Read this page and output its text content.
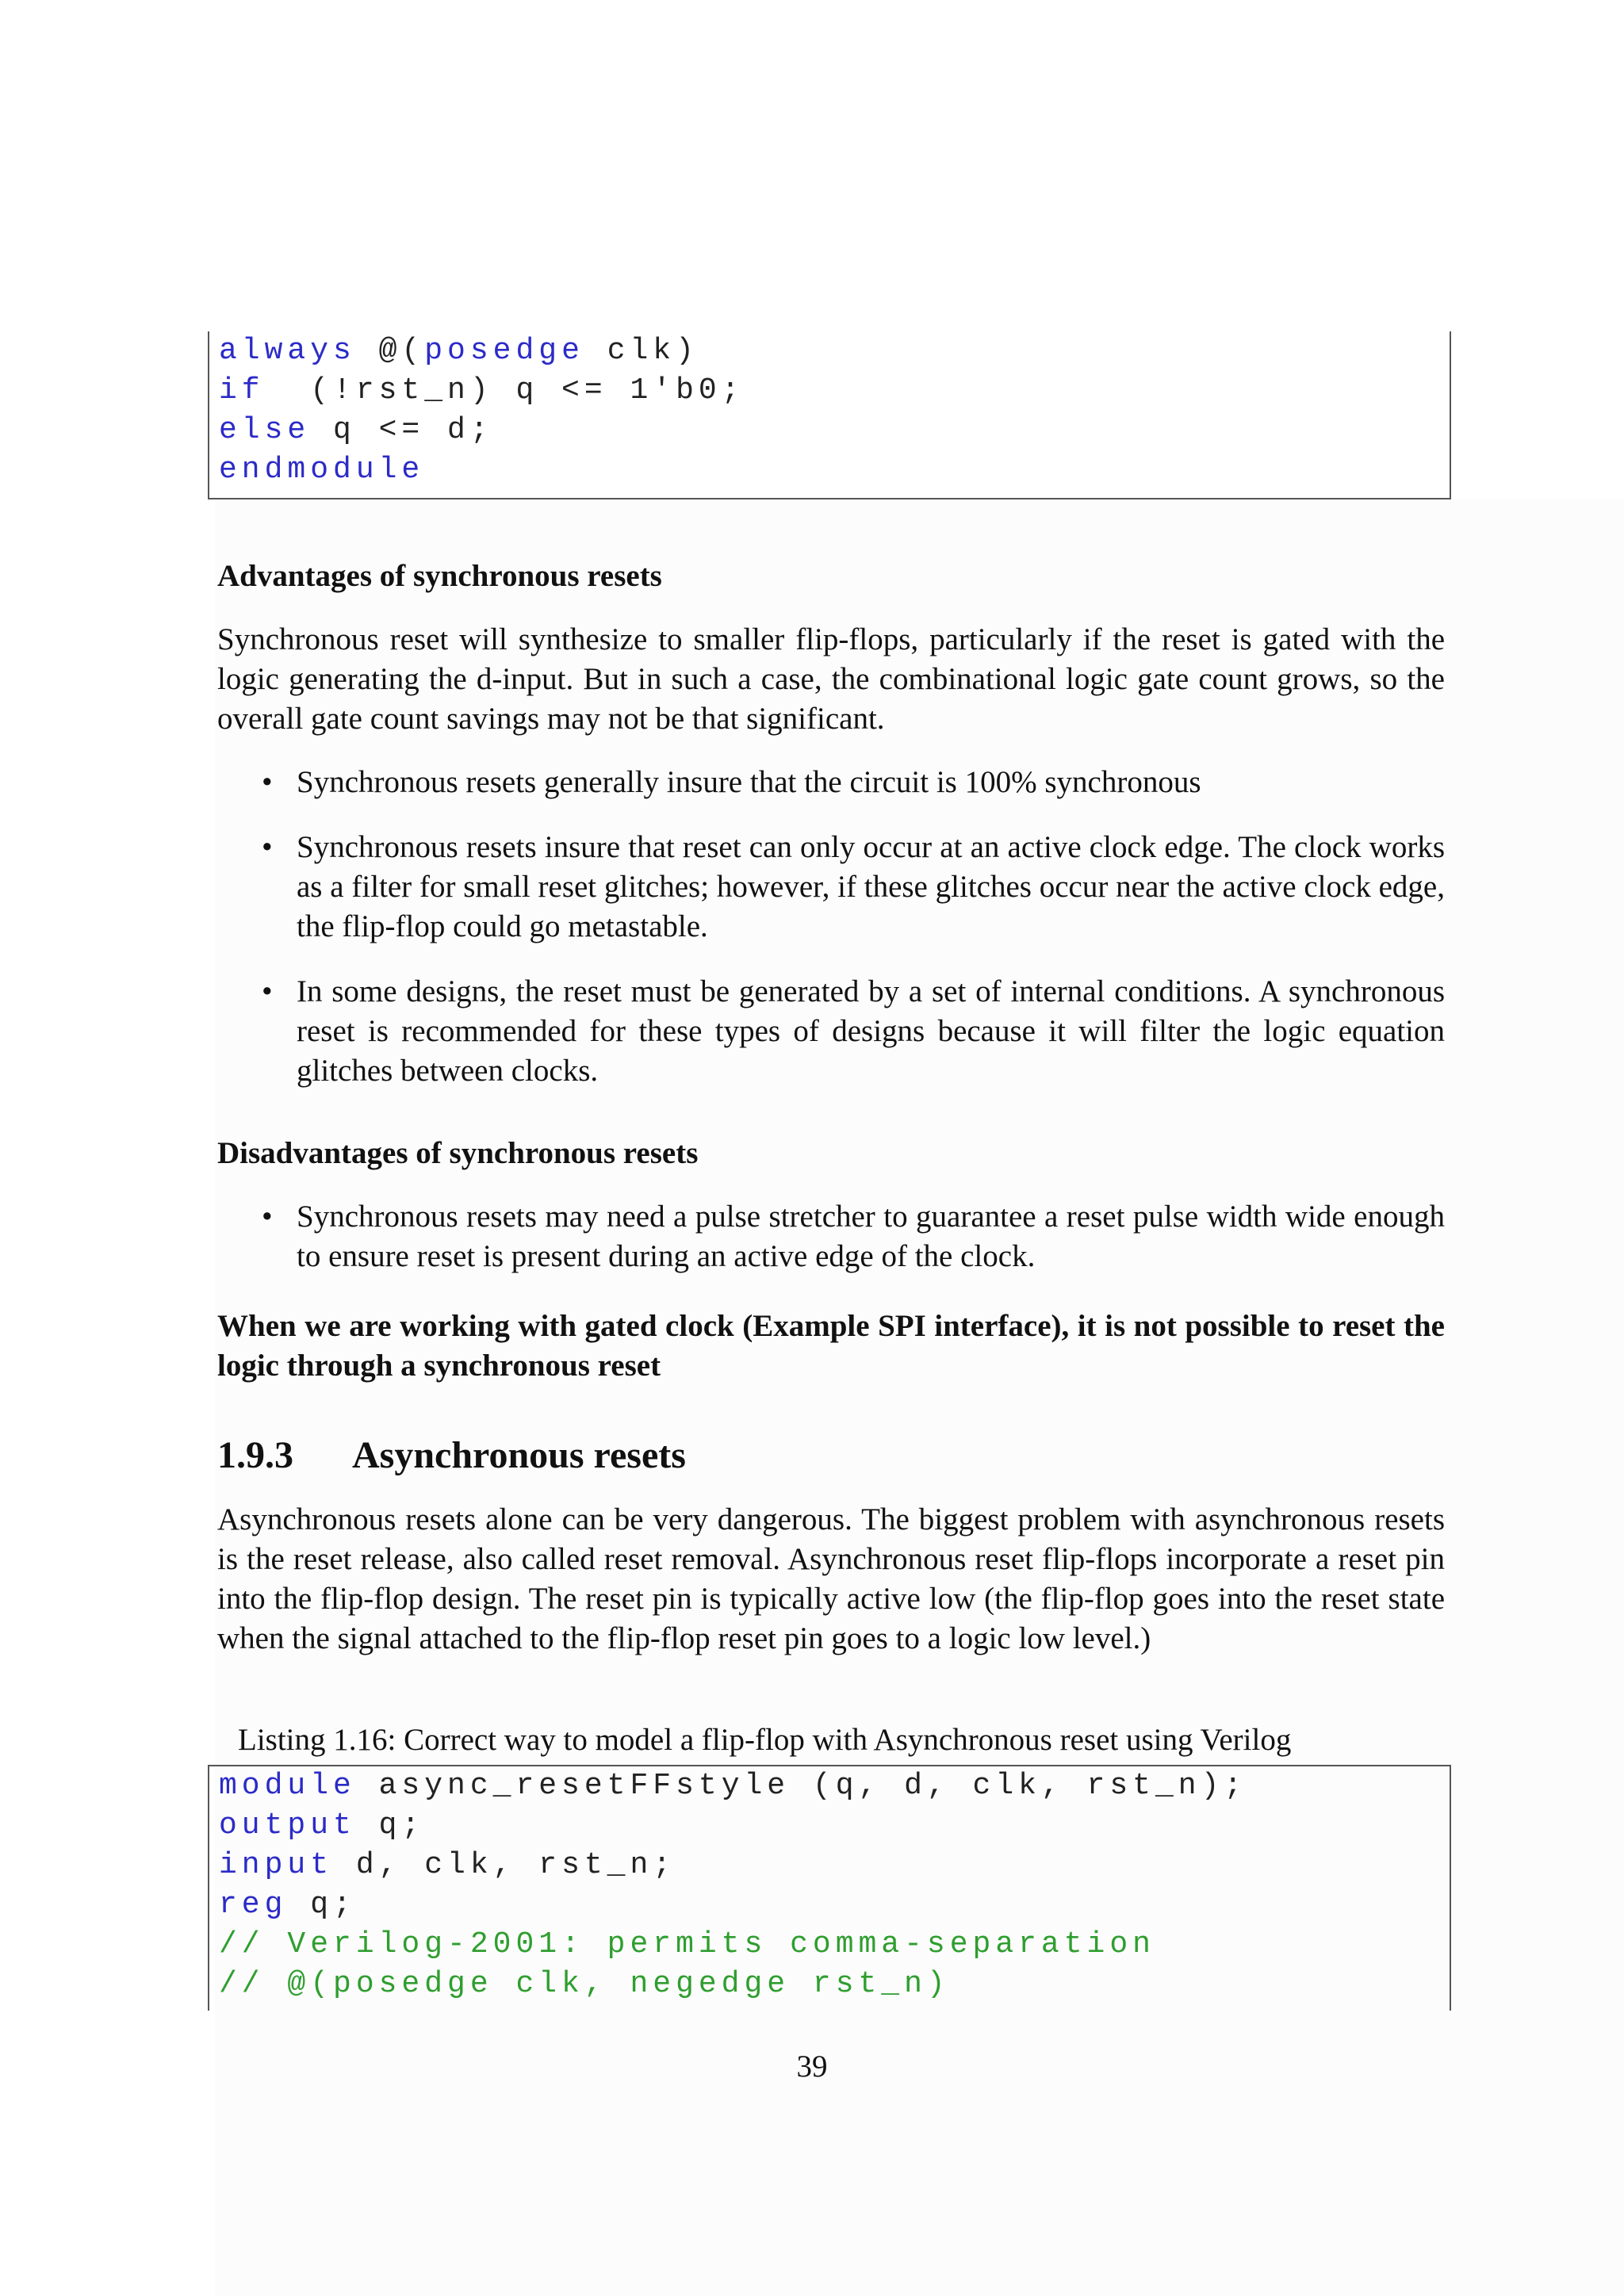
always @(posedge clk)
if  (!rst_n) q <= 1'b0;
else q <= d;
endmodule
Advantages of synchronous resets
Synchronous reset will synthesize to smaller flip-flops, particularly if the reset is gated with the logic generating the d-input. But in such a case, the combinational logic gate count grows, so the overall gate count savings may not be that significant.
• Synchronous resets generally insure that the circuit is 100% synchronous
• Synchronous resets insure that reset can only occur at an active clock edge. The clock works as a filter for small reset glitches; however, if these glitches occur near the active clock edge, the flip-flop could go metastable.
• In some designs, the reset must be generated by a set of internal conditions. A synchronous reset is recommended for these types of designs because it will filter the logic equation glitches between clocks.
Disadvantages of synchronous resets
• Synchronous resets may need a pulse stretcher to guarantee a reset pulse width wide enough to ensure reset is present during an active edge of the clock.
When we are working with gated clock (Example SPI interface), it is not possible to reset the logic through a synchronous reset
1.9.3 Asynchronous resets
Asynchronous resets alone can be very dangerous. The biggest problem with asynchronous resets is the reset release, also called reset removal. Asynchronous reset flip-flops incorporate a reset pin into the flip-flop design. The reset pin is typically active low (the flip-flop goes into the reset state when the signal attached to the flip-flop reset pin goes to a logic low level.)
Listing 1.16: Correct way to model a flip-flop with Asynchronous reset using Verilog
module async_resetFFstyle (q, d, clk, rst_n);
output q;
input d, clk, rst_n;
reg q;
// Verilog-2001: permits comma-separation
// @(posedge clk, negedge rst_n)
39
